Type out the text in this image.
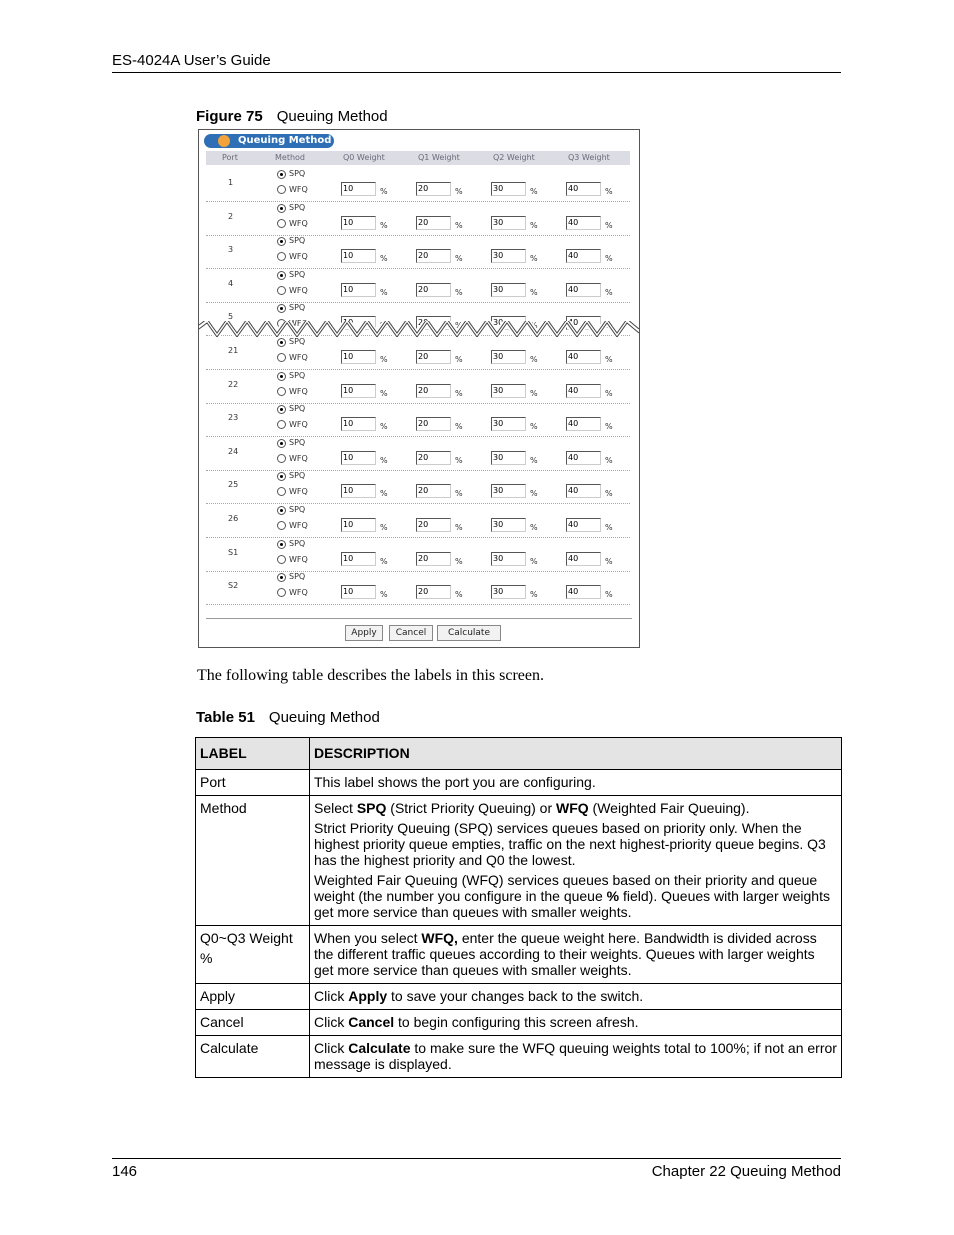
ES-4024A User’s Guide
Figure 75 Queuing Method
Queuing Method
Port	Method	Q0 Weight	Q1 Weight	Q2 Weight	Q3 Weight
1
SPQ
WFQ	10	%	20	%	30	%	40	%
2
SPQ
WFQ	10	%	20	%	30	%	40	%
3
SPQ
WFQ	10	%	20	%	30	%	40	%
4
SPQ
WFQ	10	%	20	%	30	%	40	%
5
SPQ
WFQ	10	%	20	%	30	%	40	%
21
SPQ
WFQ	10	%	20	%	30	%	40	%
22
SPQ
WFQ	10	%	20	%	30	%	40	%
23
SPQ
WFQ	10	%	20	%	30	%	40	%
24
SPQ
WFQ	10	%	20	%	30	%	40	%
25
SPQ
WFQ	10	%	20	%	30	%	40	%
26
SPQ
WFQ	10	%	20	%	30	%	40	%
S1
SPQ
WFQ	10	%	20	%	30	%	40	%
S2
SPQ
WFQ	10	%	20	%	30	%	40	%
Apply	Cancel	Calculate
The following table describes the labels in this screen.
Table 51 Queuing Method
LABEL	DESCRIPTION
Port	This label shows the port you are configuring.
Method	Select SPQ (Strict Priority Queuing) or WFQ (Weighted Fair Queuing).

Strict Priority Queuing (SPQ) services queues based on priority only. When the highest priority queue empties, traffic on the next highest-priority queue begins. Q3 has the highest priority and Q0 the lowest.

Weighted Fair Queuing (WFQ) services queues based on their priority and queue weight (the number you configure in the queue % field). Queues with larger weights get more service than queues with smaller weights.

Q0~Q3 Weight

%	When you select WFQ, enter the queue weight here. Bandwidth is divided across the different traffic queues according to their weights. Queues with larger weights get more service than queues with smaller weights.
Apply	Click Apply to save your changes back to the switch.
Cancel	Click Cancel to begin configuring this screen afresh.
Calculate	Click Calculate to make sure the WFQ queuing weights total to 100%; if not an error message is displayed.
146	Chapter 22 Queuing Method
